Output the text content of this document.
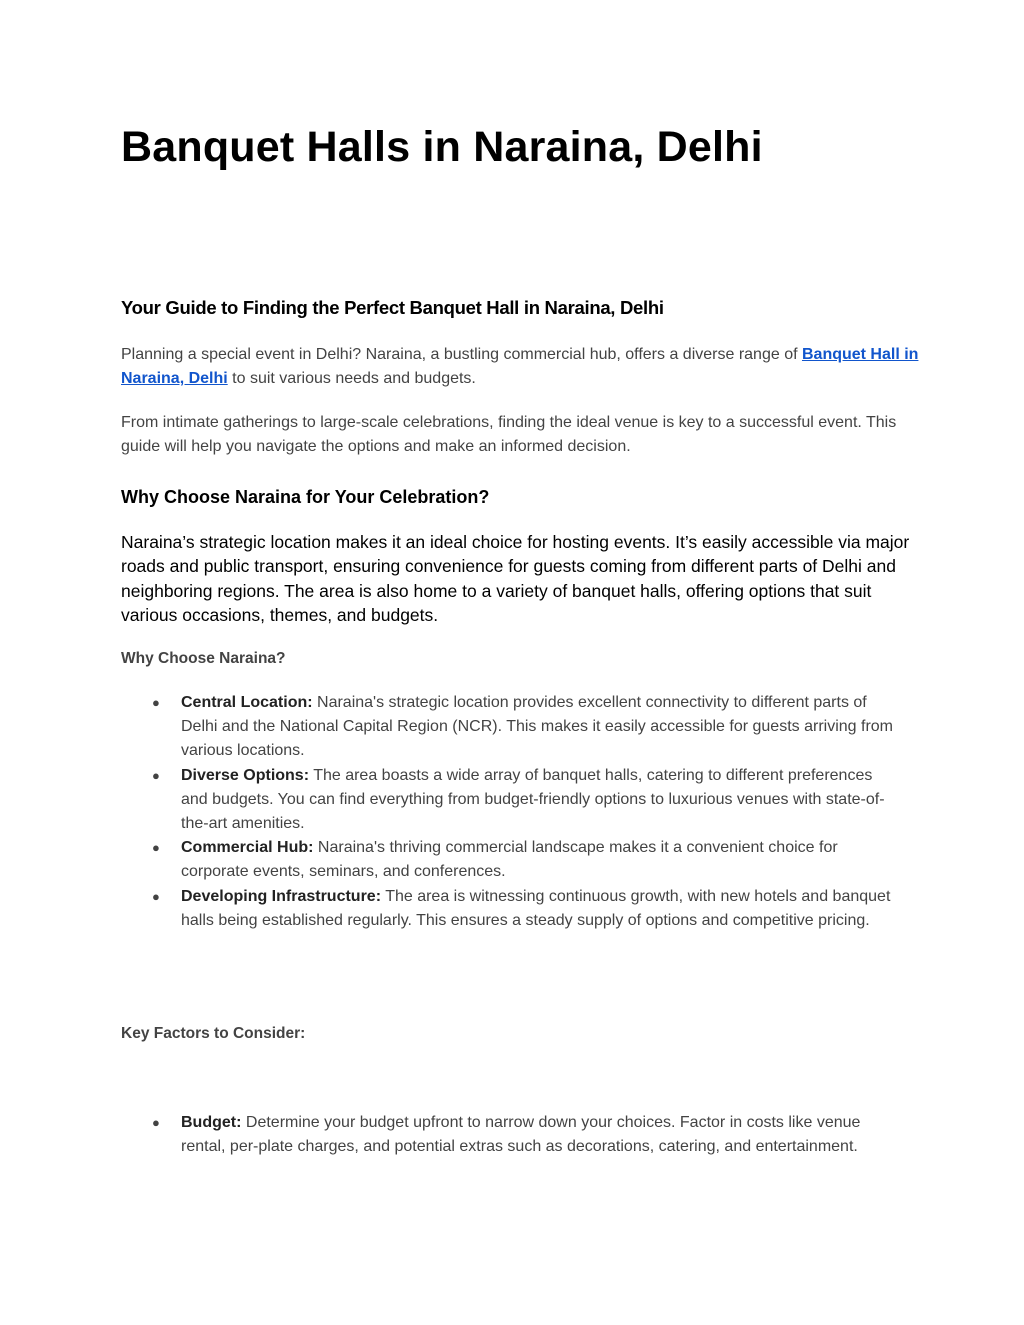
Banquet Halls in Naraina, Delhi
Your Guide to Finding the Perfect Banquet Hall in Naraina, Delhi

Planning a special event in Delhi? Naraina, a bustling commercial hub, offers a diverse range of Banquet Hall in Naraina, Delhi to suit various needs and budgets.

From intimate gatherings to large-scale celebrations, finding the ideal venue is key to a successful event. This guide will help you navigate the options and make an informed decision.

Why Choose Naraina for Your Celebration?

Naraina’s strategic location makes it an ideal choice for hosting events. It’s easily accessible via major roads and public transport, ensuring convenience for guests coming from different parts of Delhi and neighboring regions. The area is also home to a variety of banquet halls, offering options that suit various occasions, themes, and budgets.

Why Choose Naraina?
●	Central Location: Naraina's strategic location provides excellent connectivity to different parts of Delhi and the National Capital Region (NCR). This makes it easily accessible for guests arriving from various locations.
●	Diverse Options: The area boasts a wide array of banquet halls, catering to different preferences and budgets. You can find everything from budget-friendly options to luxurious venues with state-of-the-art amenities.
●	Commercial Hub: Naraina's thriving commercial landscape makes it a convenient choice for corporate events, seminars, and conferences.
●	Developing Infrastructure: The area is witnessing continuous growth, with new hotels and banquet halls being established regularly. This ensures a steady supply of options and competitive pricing.
Key Factors to Consider:
●	Budget: Determine your budget upfront to narrow down your choices. Factor in costs like venue rental, per-plate charges, and potential extras such as decorations, catering, and entertainment.
